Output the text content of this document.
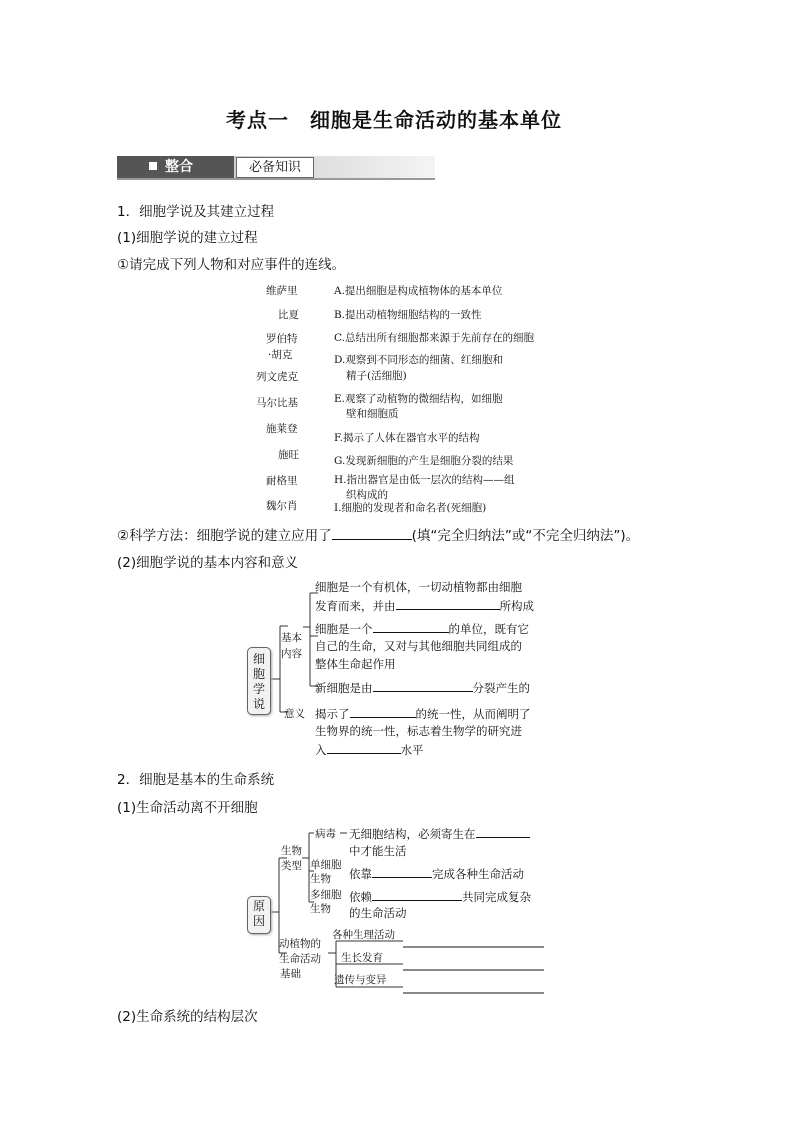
考点一　细胞是生命活动的基本单位
整合	必备知识
1．细胞学说及其建立过程
(1)细胞学说的建立过程
①请完成下列人物和对应事件的连线。
维萨里
比夏
罗伯特
·胡克
列文虎克
马尔比基
施莱登
施旺
耐格里
魏尔肖
A.提出细胞是构成植物体的基本单位
B.提出动植物细胞结构的一致性
C.总结出所有细胞都来源于先前存在的细胞
D.观察到不同形态的细菌、红细胞和
精子(活细胞)
E.观察了动植物的微细结构，如细胞
壁和细胞质
F.揭示了人体在器官水平的结构
G.发现新细胞的产生是细胞分裂的结果
H.指出器官是由低一层次的结构——组
织构成的
I.细胞的发现者和命名者(死细胞)
②科学方法：细胞学说的建立应用了	(填“完全归纳法”或“不完全归纳法”)。
(2)细胞学说的基本内容和意义
细
胞
学
说
基本
内容
细胞是一个有机体，一切动植物都由细胞
发育而来，并由	所构成
细胞是一个	的单位，既有它
自己的生命，又对与其他细胞共同组成的
整体生命起作用
新细胞是由	分裂产生的
意义 揭示了	的统一性，从而阐明了
生物界的统一性，标志着生物学的研究进
入	水平
2．细胞是基本的生命系统
(1)生命活动离不开细胞
原
因
生物
类型
病毒 无细胞结构，必须寄生在
中才能生活
单细胞
生物	依靠	完成各种生命活动
多细胞
生物
依赖	共同完成复杂
的生命活动
动植物的
生命活动
基础
各种生理活动
生长发育
遗传与变异
(2)生命系统的结构层次
